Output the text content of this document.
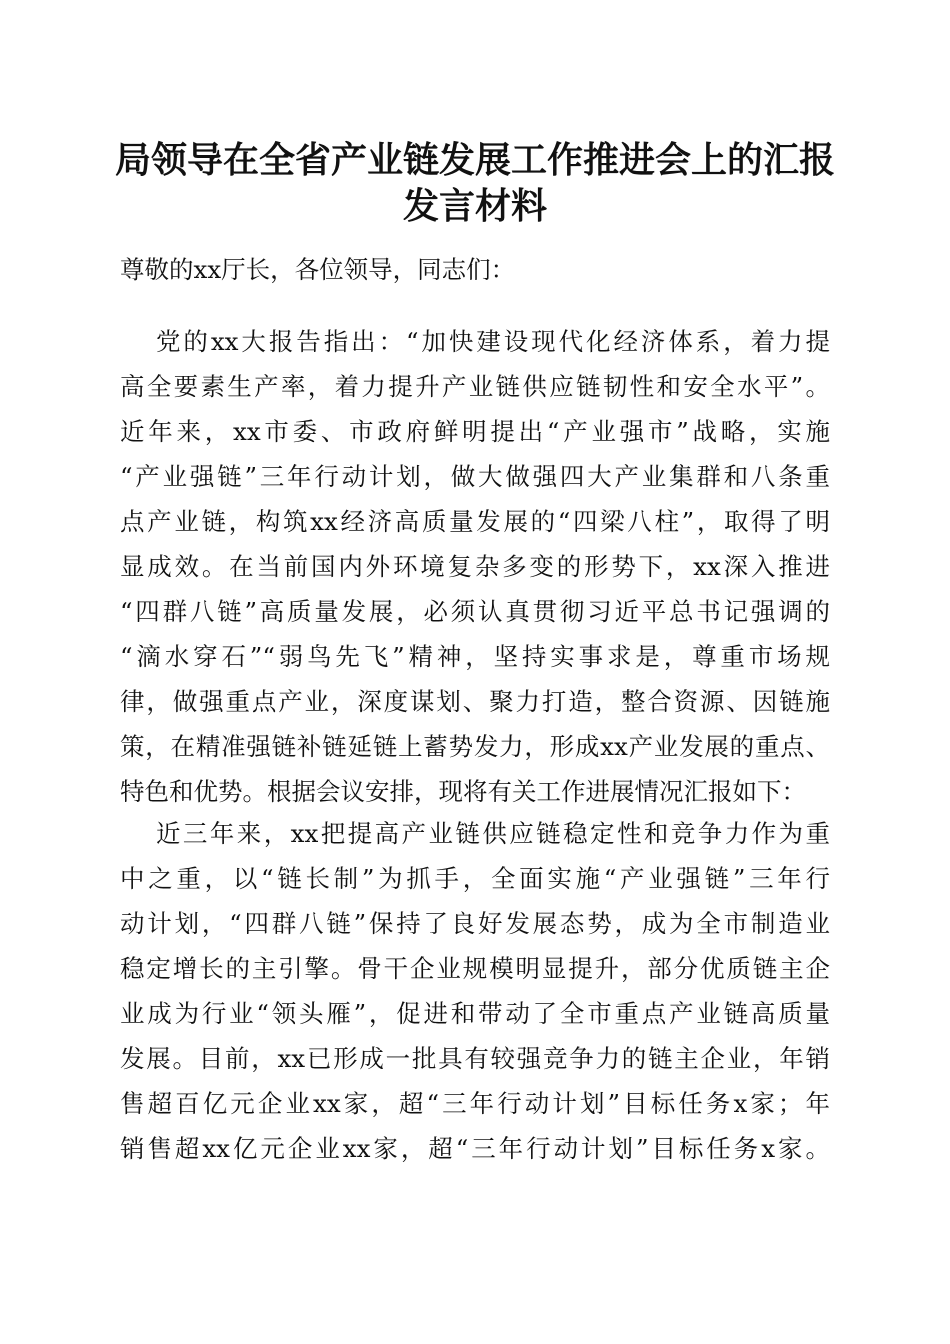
局领导在全省产业链发展工作推进会上的汇报
发言材料
尊敬的xx厅长，各位领导，同志们：
党的xx大报告指出：“加快建设现代化经济体系，着力提
高全要素生产率，着力提升产业链供应链韧性和安全水平”。
近年来，xx市委、市政府鲜明提出“产业强市”战略，实施
“产业强链”三年行动计划，做大做强四大产业集群和八条重
点产业链，构筑xx经济高质量发展的“四梁八柱”，取得了明
显成效。在当前国内外环境复杂多变的形势下，xx深入推进
“四群八链”高质量发展，必须认真贯彻习近平总书记强调的
“滴水穿石”“弱鸟先飞”精神，坚持实事求是，尊重市场规
律，做强重点产业，深度谋划、聚力打造，整合资源、因链施
策，在精准强链补链延链上蓄势发力，形成xx产业发展的重点、
特色和优势。根据会议安排，现将有关工作进展情况汇报如下：
近三年来，xx把提高产业链供应链稳定性和竞争力作为重
中之重，以“链长制”为抓手，全面实施“产业强链”三年行
动计划，“四群八链”保持了良好发展态势，成为全市制造业
稳定增长的主引擎。骨干企业规模明显提升，部分优质链主企
业成为行业“领头雁”，促进和带动了全市重点产业链高质量
发展。目前，xx已形成一批具有较强竞争力的链主企业，年销
售超百亿元企业xx家，超“三年行动计划”目标任务x家；年
销售超xx亿元企业xx家，超“三年行动计划”目标任务x家。
